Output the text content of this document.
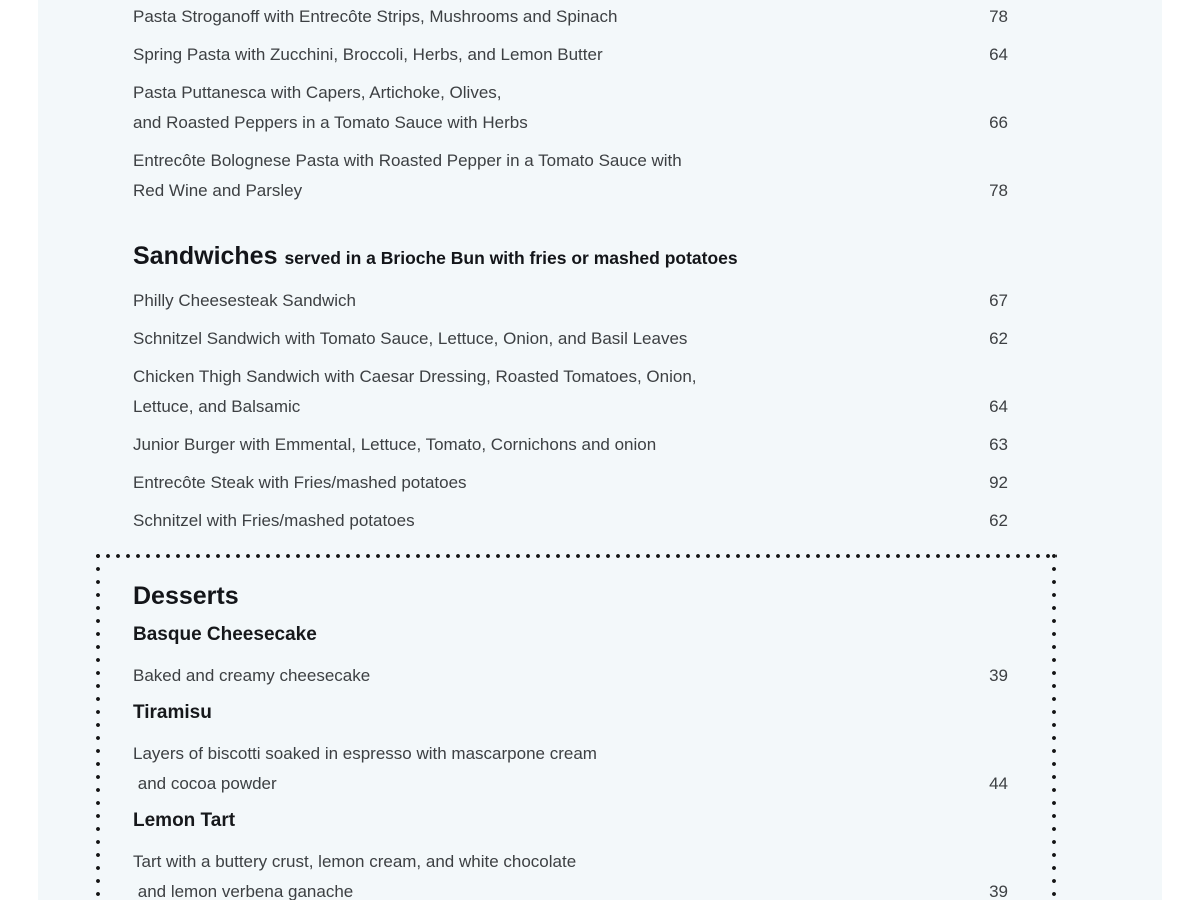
Pasta Stroganoff with Entrecôte Strips, Mushrooms and Spinach	78
Spring Pasta with Zucchini, Broccoli, Herbs, and Lemon Butter	64
Pasta Puttanesca with Capers, Artichoke, Olives,
and Roasted Peppers in a Tomato Sauce with Herbs	66
Entrecôte Bolognese Pasta with Roasted Pepper in a Tomato Sauce with
Red Wine and Parsley	78
Sandwiches served in a Brioche Bun with fries or mashed potatoes
Philly Cheesesteak Sandwich	67
Schnitzel Sandwich with Tomato Sauce, Lettuce, Onion, and Basil Leaves	62
Chicken Thigh Sandwich with Caesar Dressing, Roasted Tomatoes, Onion,
Lettuce, and Balsamic	64
Junior Burger with Emmental, Lettuce, Tomato, Cornichons and onion	63
Entrecôte Steak with Fries/mashed potatoes	92
Schnitzel with Fries/mashed potatoes	62
Desserts
Basque Cheesecake
Baked and creamy cheesecake	39
Tiramisu
Layers of biscotti soaked in espresso with mascarpone cream
and cocoa powder	44
Lemon Tart
Tart with a buttery crust, lemon cream, and white chocolate
and lemon verbena ganache	39
